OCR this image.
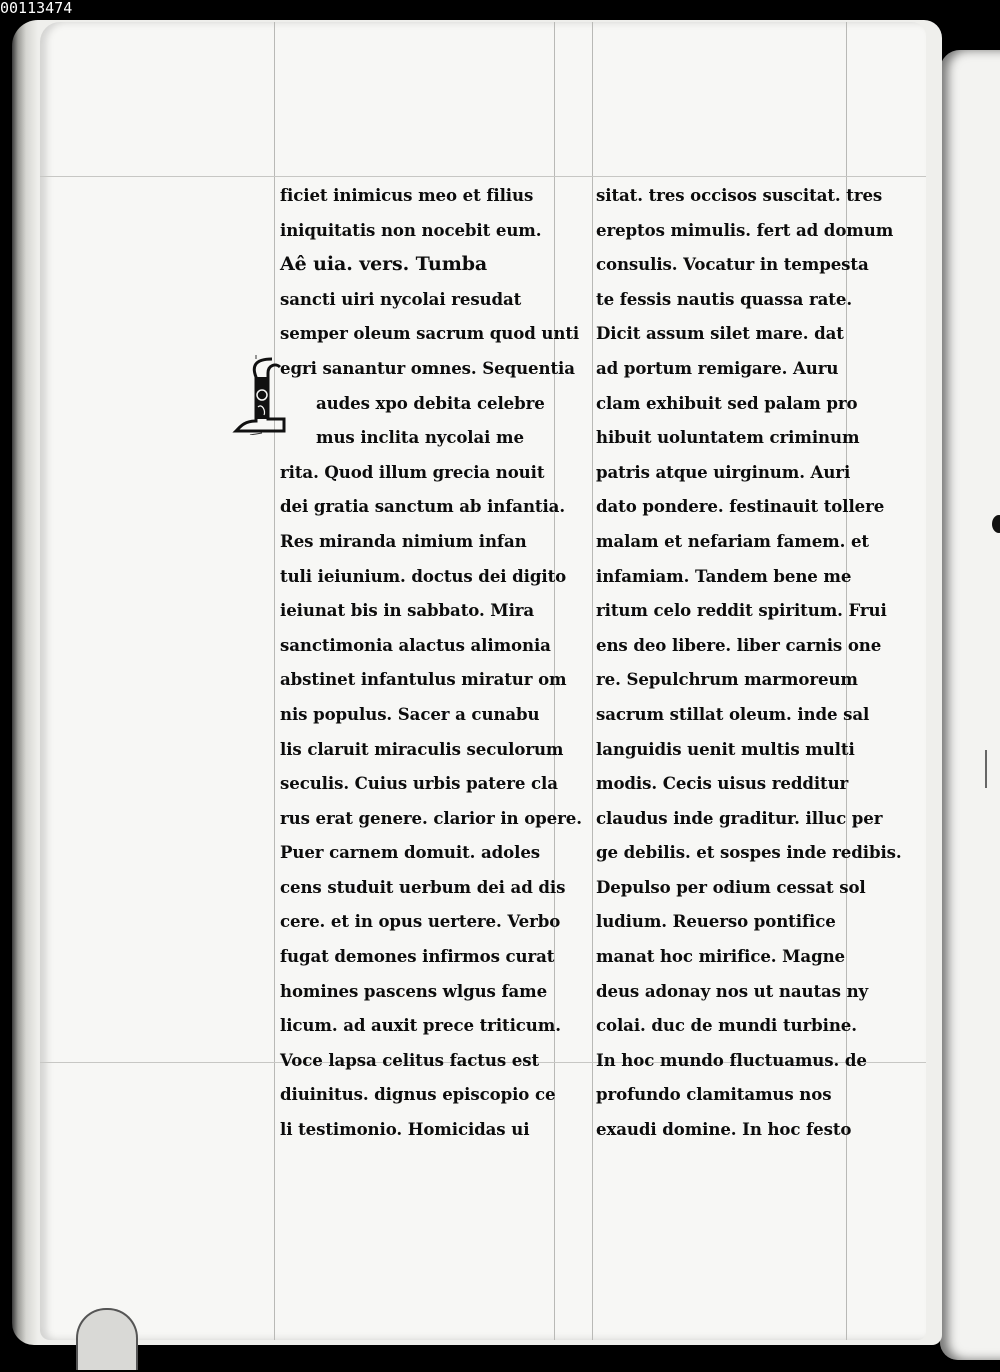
00113474
ficiet inimicus meo et filius
iniquitatis non nocebit eum.
Aê uia. vers. Tumba
sancti uiri nycolai resudat
semper oleum sacrum quod unti
egri sanantur omnes. Sequentia
audes xpo debita celebre
mus inclita nycolai me
rita. Quod illum grecia nouit
dei gratia sanctum ab infantia.
Res miranda nimium infan
tuli ieiunium. doctus dei digito
ieiunat bis in sabbato. Mira
sanctimonia alactus alimonia
abstinet infantulus miratur om
nis populus. Sacer a cunabu
lis claruit miraculis seculorum
seculis. Cuius urbis patere cla
rus erat genere. clarior in opere.
Puer carnem domuit. adoles
cens studuit uerbum dei ad dis
cere. et in opus uertere. Verbo
fugat demones infirmos curat
homines pascens wlgus fame
licum. ad auxit prece triticum.
Voce lapsa celitus factus est
diuinitus. dignus episcopio ce
li testimonio. Homicidas ui
sitat. tres occisos suscitat. tres
ereptos mimulis. fert ad domum
consulis. Vocatur in tempesta
te fessis nautis quassa rate.
Dicit assum silet mare. dat
ad portum remigare. Auru
clam exhibuit sed palam pro
hibuit uoluntatem criminum
patris atque uirginum. Auri
dato pondere. festinauit tollere
malam et nefariam famem. et
infamiam. Tandem bene me
ritum celo reddit spiritum. Frui
ens deo libere. liber carnis one
re. Sepulchrum marmoreum
sacrum stillat oleum. inde sal
languidis uenit multis multi
modis. Cecis uisus redditur
claudus inde graditur. illuc per
ge debilis. et sospes inde redibis.
Depulso per odium cessat sol
ludium. Reuerso pontifice
manat hoc mirifice. Magne
deus adonay nos ut nautas ny
colai. duc de mundi turbine.
In hoc mundo fluctuamus. de
profundo clamitamus nos
exaudi domine. In hoc festo
